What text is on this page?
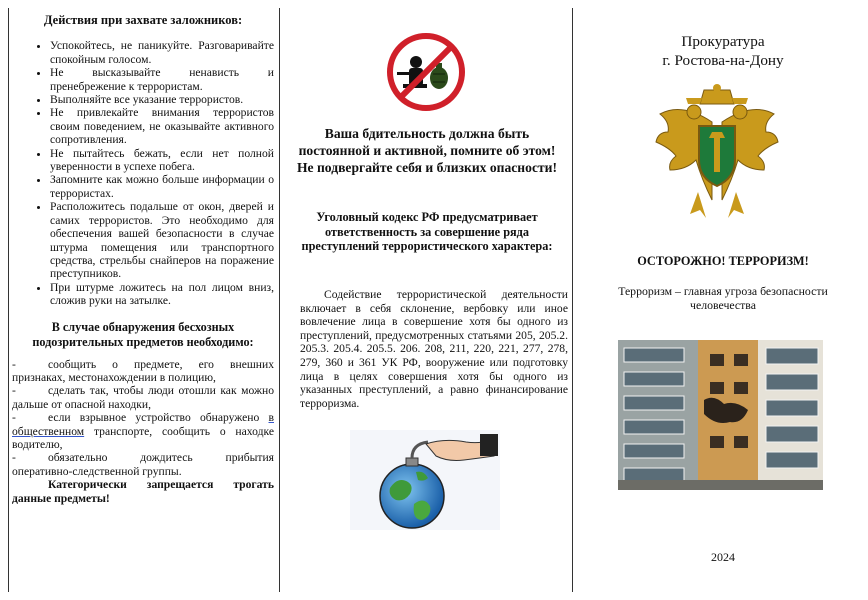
Действия при захвате заложников:
• Успокойтесь, не паникуйте. Разговаривайте спокойным голосом.
• Не высказывайте ненависть и пренебрежение к террористам.
• Выполняйте все указание террористов.
• Не привлекайте внимания террористов своим поведением, не оказывайте активного сопротивления.
• Не пытайтесь бежать, если нет полной уверенности в успехе побега.
• Запомните как можно больше информации о террористах.
• Расположитесь подальше от окон, дверей и самих террористов. Это необходимо для обеспечения вашей безопасности в случае штурма помещения или транспортного средства, стрельбы снайперов на поражение преступников.
• При штурме ложитесь на пол лицом вниз, сложив руки на затылке.
В случае обнаружения бесхозных подозрительных предметов необходимо:

-	сообщить о предмете, его внешних признаках, местонахождении в полицию,

-	сделать так, чтобы люди отошли как можно дальше от опасной находки,

-	если взрывное устройство обнаружено в общественном транспорте, сообщить о находке водителю,

-	обязательно дождитесь прибытия оперативно-следственной группы.

Категорически запрещается трогать данные предметы!

Ваша бдительность должна быть постоянной и активной, помните об этом! Не подвергайте себя и близких опасности!
Уголовный кодекс РФ предусматривает ответственность за совершение ряда преступлений террористического характера:
Содействие террористической деятельности включает в себя склонение, вербовку или иное вовлечение лица в совершение хотя бы одного из преступлений, предусмотренных статьями 205, 205.2. 205.3. 205.4. 205.5. 206. 208, 211, 220, 221, 277, 278, 279, 360 и 361 УК РФ, вооружение или подготовку лица в целях совершения хотя бы одного из указанных преступлений, а равно финансирование терроризма.
Прокуратура
г. Ростова-на-Дону
ОСТОРОЖНО! ТЕРРОРИЗМ!
Терроризм – главная угроза безопасности человечества
2024
